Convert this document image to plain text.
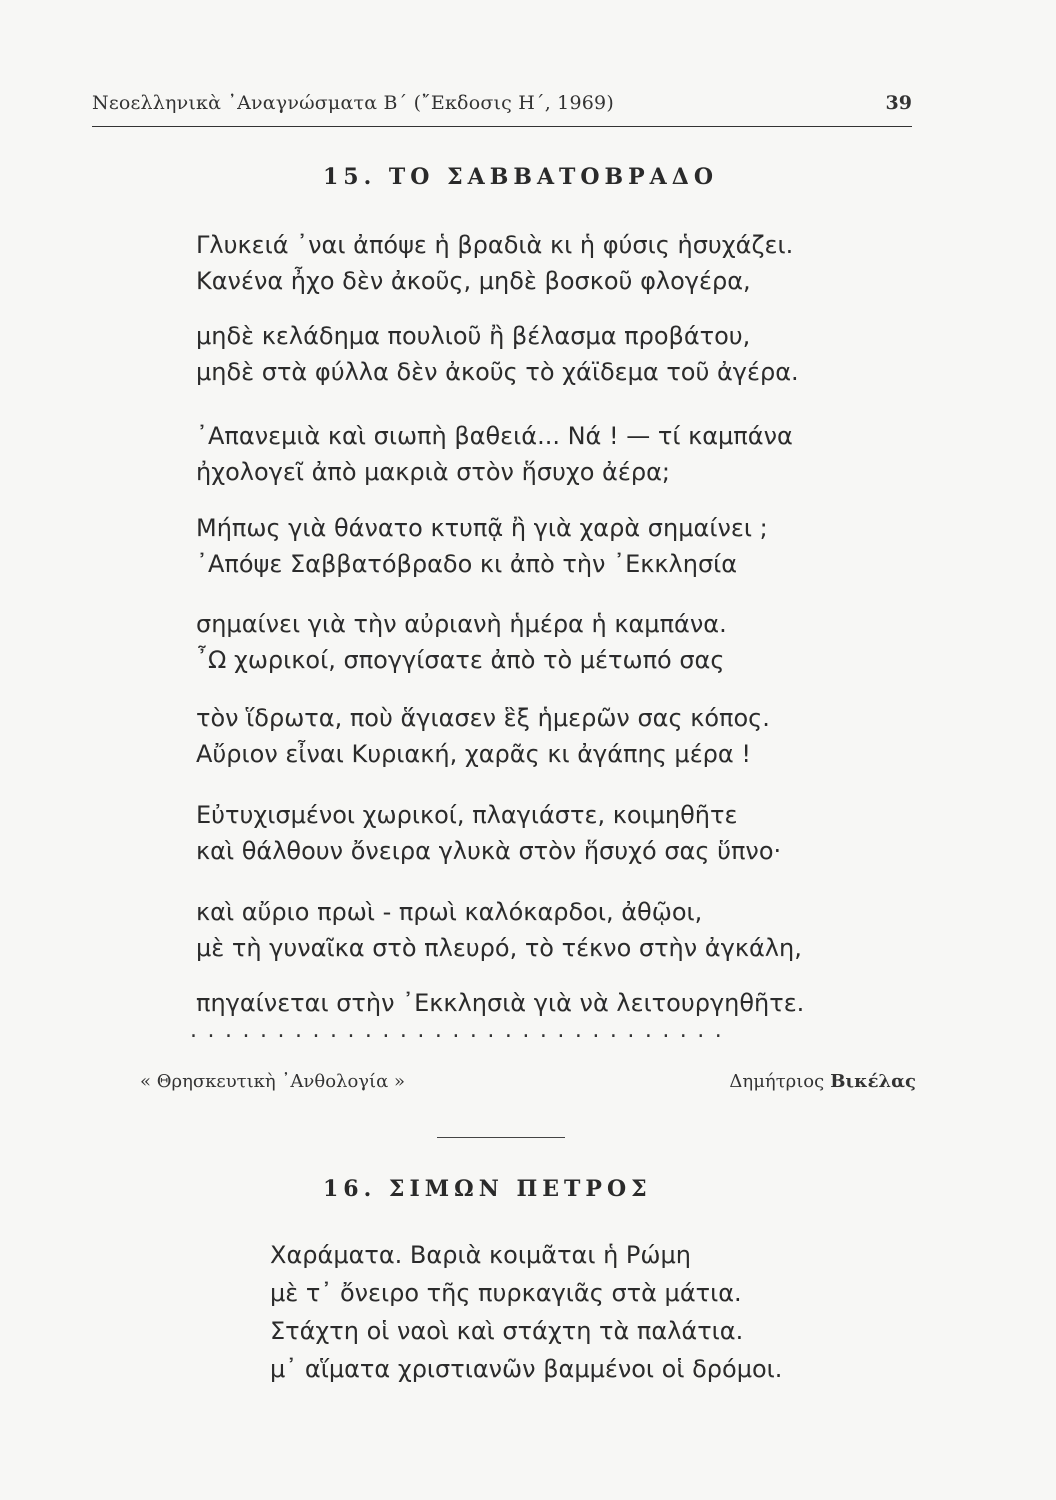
Νεοελληνικὰ ᾿Αναγνώσματα Β΄ (῎Εκδοσις Η΄, 1969)	39
15. ΤΟ ΣΑΒΒΑΤΟΒΡΑΔΟ
Γλυκειά ᾿ναι ἀπόψε ἡ βραδιὰ κι ἡ φύσις ἡσυχάζει.
Κανένα ἦχο δὲν ἀκοῦς, μηδὲ βοσκοῦ φλογέρα,
μηδὲ κελάδημα πουλιοῦ ἢ βέλασμα προβάτου,
μηδὲ στὰ φύλλα δὲν ἀκοῦς τὸ χάϊδεμα τοῦ ἀγέρα.
᾿Απανεμιὰ καὶ σιωπὴ βαθειά... Νά ! — τί καμπάνα
ἠχολογεῖ ἀπὸ μακριὰ στὸν ἥσυχο ἀέρα;
Μήπως γιὰ θάνατο κτυπᾷ ἢ γιὰ χαρὰ σημαίνει ;
᾿Απόψε Σαββατόβραδο κι ἀπὸ τὴν ᾿Εκκλησία
σημαίνει γιὰ τὴν αὐριανὴ ἡμέρα ἡ καμπάνα.
῏Ω χωρικοί, σπογγίσατε ἀπὸ τὸ μέτωπό σας
τὸν ἵδρωτα, ποὺ ἅγιασεν ἓξ ἡμερῶν σας κόπος.
Αὔριον εἶναι Κυριακή, χαρᾶς κι ἀγάπης μέρα !
Εὐτυχισμένοι χωρικοί, πλαγιάστε, κοιμηθῆτε
καὶ θάλθουν ὄνειρα γλυκὰ στὸν ἥσυχό σας ὕπνο·
καὶ αὔριο πρωὶ - πρωὶ καλόκαρδοι, ἀθῷοι,
μὲ τὴ γυναῖκα στὸ πλευρό, τὸ τέκνο στὴν ἀγκάλη,
πηγαίνεται στὴν ᾿Εκκλησιὰ γιὰ νὰ λειτουργηθῆτε.
...............................
« Θρησκευτικὴ ᾿Ανθολογία »	Δημήτριος Βικέλας
16. ΣΙΜΩΝ ΠΕΤΡΟΣ
Χαράματα. Βαριὰ κοιμᾶται ἡ Ρώμη
μὲ τ᾿ ὄνειρο τῆς πυρκαγιᾶς στὰ μάτια.
Στάχτη οἱ ναοὶ καὶ στάχτη τὰ παλάτια.
μ᾿ αἵματα χριστιανῶν βαμμένοι οἱ δρόμοι.
